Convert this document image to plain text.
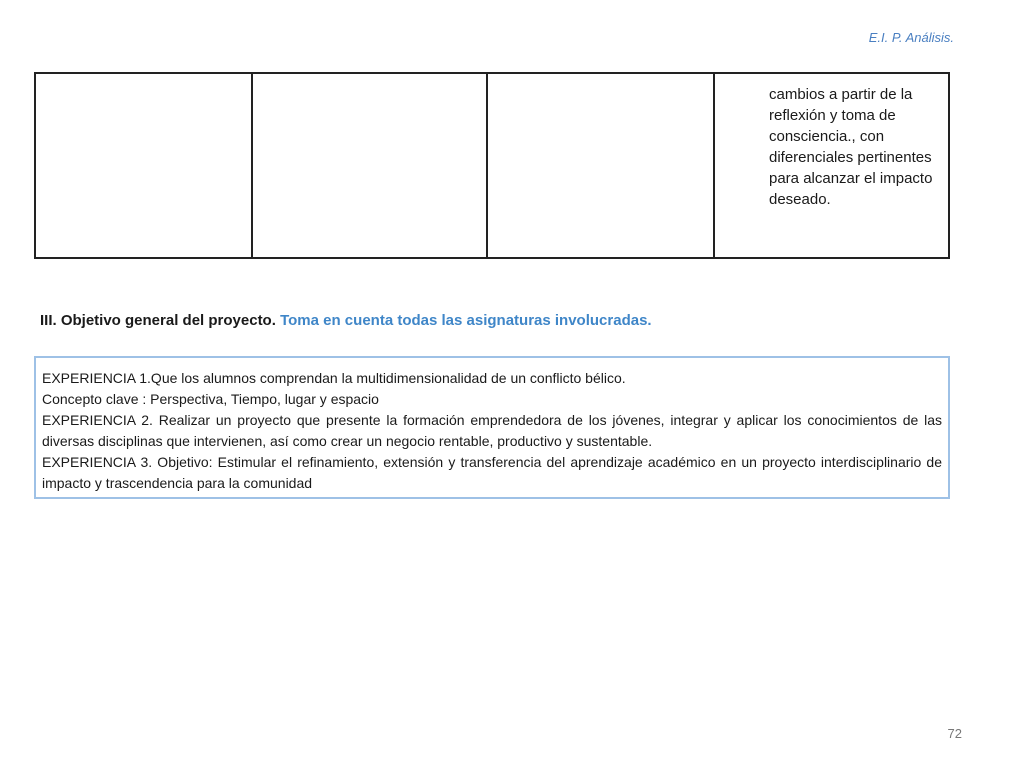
E.I. P. Análisis.
cambios a partir de la reflexión y toma de consciencia., con diferenciales pertinentes para alcanzar el impacto deseado.
III. Objetivo general del proyecto. Toma en cuenta todas las asignaturas involucradas.
EXPERIENCIA 1.Que los alumnos comprendan la multidimensionalidad de un conflicto bélico.
Concepto clave : Perspectiva, Tiempo, lugar y espacio
EXPERIENCIA 2. Realizar un proyecto que presente la formación emprendedora de los jóvenes, integrar y aplicar los conocimientos de las diversas disciplinas que intervienen, así como crear un negocio rentable, productivo y sustentable.
EXPERIENCIA 3. Objetivo: Estimular el refinamiento, extensión y transferencia del aprendizaje académico en un proyecto interdisciplinario de impacto y trascendencia para la comunidad
72
